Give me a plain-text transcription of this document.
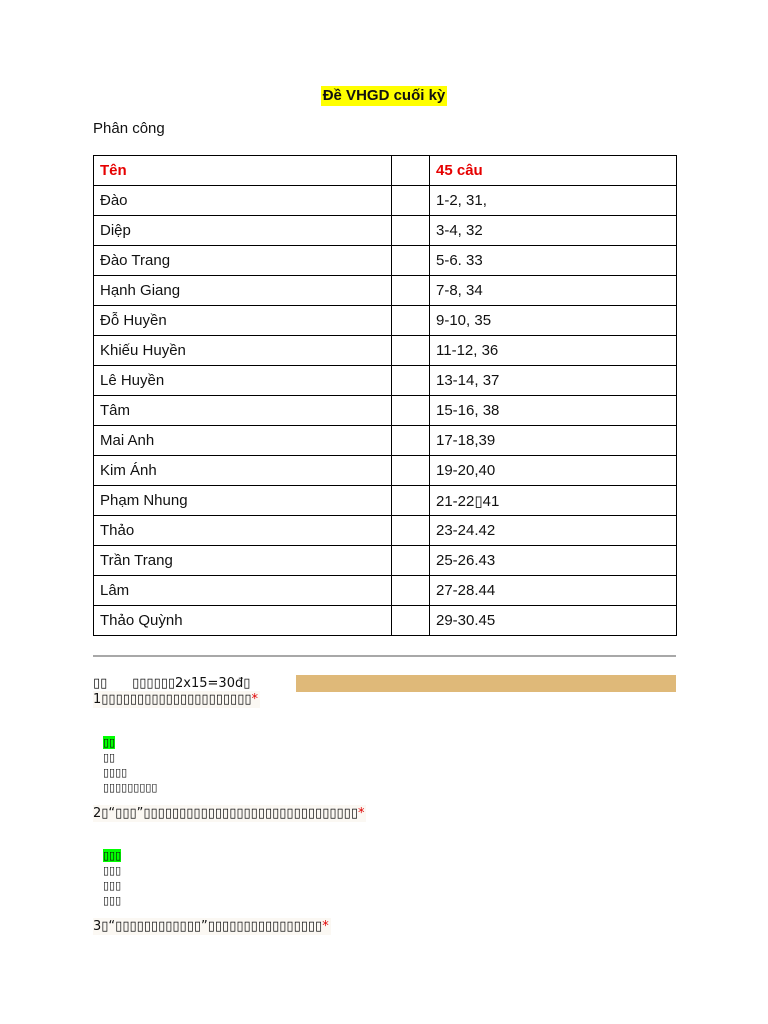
Đề VHGD cuối kỳ
Phân công
Tên		45 câu
Đào		1-2, 31,
Diệp		3-4, 32
Đào Trang		5-6. 33
Hạnh Giang		7-8, 34
Đỗ Huyền		9-10, 35
Khiếu Huyền		11-12, 36
Lê Huyền		13-14, 37
Tâm		15-16, 38
Mai Anh		17-18,39
Kim Ánh		19-20,40
Phạm Nhung		21-22▯41
Thảo		23-24.42
Trần Trang		25-26.43
Lâm		27-28.44
Thảo Quỳnh		29-30.45
▯▯      ▯▯▯▯▯▯2x15=30đ▯
1▯▯▯▯▯▯▯▯▯▯▯▯▯▯▯▯▯▯▯▯▯*
▯▯
▯▯
▯▯▯▯
▯▯▯▯▯▯▯▯▯
2▯“▯▯▯”▯▯▯▯▯▯▯▯▯▯▯▯▯▯▯▯▯▯▯▯▯▯▯▯▯▯▯▯▯▯*
▯▯▯
▯▯▯
▯▯▯
▯▯▯
3▯“▯▯▯▯▯▯▯▯▯▯▯▯”▯▯▯▯▯▯▯▯▯▯▯▯▯▯▯▯*
